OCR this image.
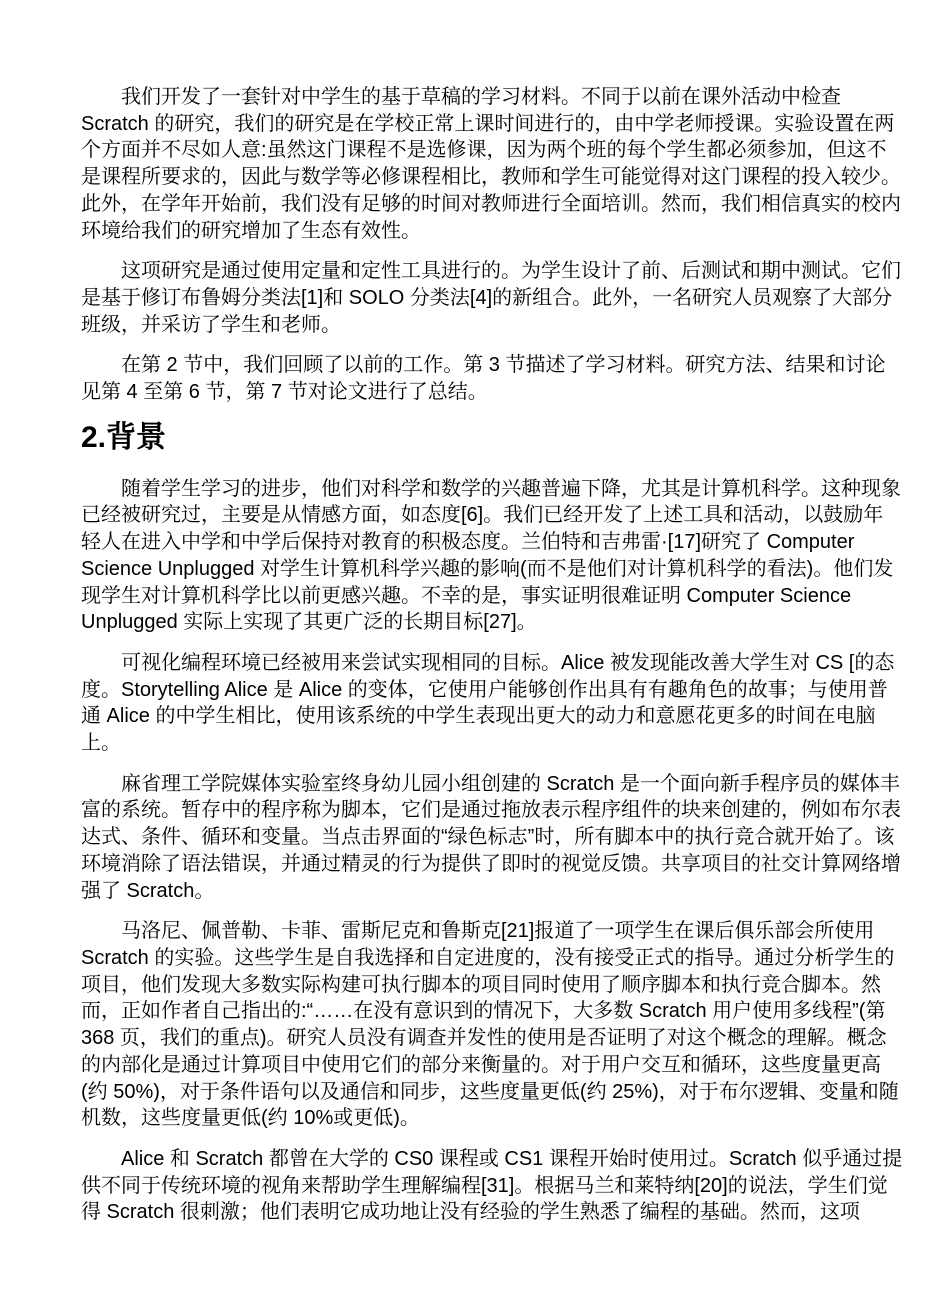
我们开发了一套针对中学生的基于草稿的学习材料。不同于以前在课外活动中检查 Scratch 的研究，我们的研究是在学校正常上课时间进行的，由中学老师授课。实验设置在两个方面并不尽如人意:虽然这门课程不是选修课，因为两个班的每个学生都必须参加，但这不是课程所要求的，因此与数学等必修课程相比，教师和学生可能觉得对这门课程的投入较少。此外，在学年开始前，我们没有足够的时间对教师进行全面培训。然而，我们相信真实的校内环境给我们的研究增加了生态有效性。

这项研究是通过使用定量和定性工具进行的。为学生设计了前、后测试和期中测试。它们是基于修订布鲁姆分类法[1]和 SOLO 分类法[4]的新组合。此外，一名研究人员观察了大部分班级，并采访了学生和老师。

在第 2 节中，我们回顾了以前的工作。第 3 节描述了学习材料。研究方法、结果和讨论见第 4 至第 6 节，第 7 节对论文进行了总结。

2.背景

随着学生学习的进步，他们对科学和数学的兴趣普遍下降，尤其是计算机科学。这种现象已经被研究过，主要是从情感方面，如态度[6]。我们已经开发了上述工具和活动，以鼓励年轻人在进入中学和中学后保持对教育的积极态度。兰伯特和吉弗雷·[17]研究了 Computer Science Unplugged 对学生计算机科学兴趣的影响(而不是他们对计算机科学的看法)。他们发现学生对计算机科学比以前更感兴趣。不幸的是，事实证明很难证明 Computer Science Unplugged 实际上实现了其更广泛的长期目标[27]。

可视化编程环境已经被用来尝试实现相同的目标。Alice 被发现能改善大学生对 CS [的态度。Storytelling Alice 是 Alice 的变体，它使用户能够创作出具有有趣角色的故事；与使用普通 Alice 的中学生相比，使用该系统的中学生表现出更大的动力和意愿花更多的时间在电脑上。

麻省理工学院媒体实验室终身幼儿园小组创建的 Scratch 是一个面向新手程序员的媒体丰富的系统。暂存中的程序称为脚本，它们是通过拖放表示程序组件的块来创建的，例如布尔表达式、条件、循环和变量。当点击界面的“绿色标志”时，所有脚本中的执行竞合就开始了。该环境消除了语法错误，并通过精灵的行为提供了即时的视觉反馈。共享项目的社交计算网络增强了 Scratch。

马洛尼、佩普勒、卡菲、雷斯尼克和鲁斯克[21]报道了一项学生在课后俱乐部会所使用 Scratch 的实验。这些学生是自我选择和自定进度的，没有接受正式的指导。通过分析学生的项目，他们发现大多数实际构建可执行脚本的项目同时使用了顺序脚本和执行竞合脚本。然而，正如作者自己指出的:“……在没有意识到的情况下，大多数 Scratch 用户使用多线程”(第 368 页，我们的重点)。研究人员没有调查并发性的使用是否证明了对这个概念的理解。概念的内部化是通过计算项目中使用它们的部分来衡量的。对于用户交互和循环，这些度量更高(约 50%)，对于条件语句以及通信和同步，这些度量更低(约 25%)，对于布尔逻辑、变量和随机数，这些度量更低(约 10%或更低)。

Alice 和 Scratch 都曾在大学的 CS0 课程或 CS1 课程开始时使用过。Scratch 似乎通过提供不同于传统环境的视角来帮助学生理解编程[31]。根据马兰和莱特纳[20]的说法，学生们觉得 Scratch 很刺激；他们表明它成功地让没有经验的学生熟悉了编程的基础。然而，这项
